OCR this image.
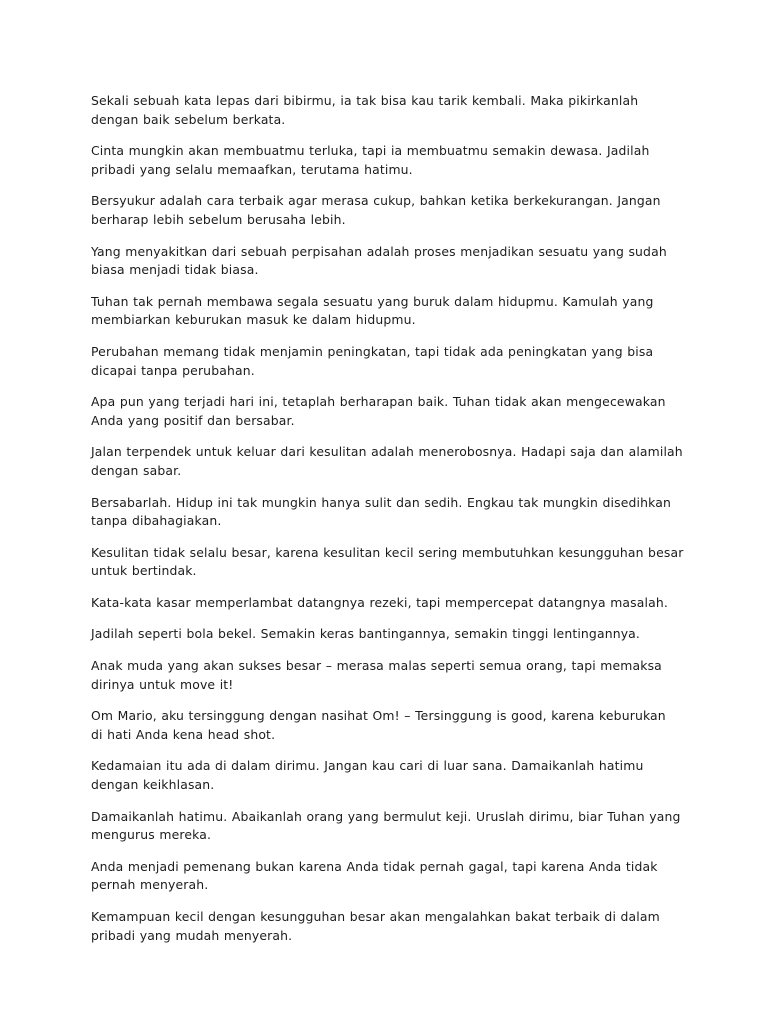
Sekali sebuah kata lepas dari bibirmu, ia tak bisa kau tarik kembali. Maka pikirkanlah
dengan baik sebelum berkata.

Cinta mungkin akan membuatmu terluka, tapi ia membuatmu semakin dewasa. Jadilah
pribadi yang selalu memaafkan, terutama hatimu.

Bersyukur adalah cara terbaik agar merasa cukup, bahkan ketika berkekurangan. Jangan
berharap lebih sebelum berusaha lebih.

Yang menyakitkan dari sebuah perpisahan adalah proses menjadikan sesuatu yang sudah
biasa menjadi tidak biasa.

Tuhan tak pernah membawa segala sesuatu yang buruk dalam hidupmu. Kamulah yang
membiarkan keburukan masuk ke dalam hidupmu.

Perubahan memang tidak menjamin peningkatan, tapi tidak ada peningkatan yang bisa
dicapai tanpa perubahan.

Apa pun yang terjadi hari ini, tetaplah berharapan baik. Tuhan tidak akan mengecewakan
Anda yang positif dan bersabar.

Jalan terpendek untuk keluar dari kesulitan adalah menerobosnya. Hadapi saja dan alamilah
dengan sabar.

Bersabarlah. Hidup ini tak mungkin hanya sulit dan sedih. Engkau tak mungkin disedihkan
tanpa dibahagiakan.

Kesulitan tidak selalu besar, karena kesulitan kecil sering membutuhkan kesungguhan besar
untuk bertindak.

Kata-kata kasar memperlambat datangnya rezeki, tapi mempercepat datangnya masalah.

Jadilah seperti bola bekel. Semakin keras bantingannya, semakin tinggi lentingannya.

Anak muda yang akan sukses besar – merasa malas seperti semua orang, tapi memaksa
dirinya untuk move it!

Om Mario, aku tersinggung dengan nasihat Om! – Tersinggung is good, karena keburukan
di hati Anda kena head shot.

Kedamaian itu ada di dalam dirimu. Jangan kau cari di luar sana. Damaikanlah hatimu
dengan keikhlasan.

Damaikanlah hatimu. Abaikanlah orang yang bermulut keji. Uruslah dirimu, biar Tuhan yang
mengurus mereka.

Anda menjadi pemenang bukan karena Anda tidak pernah gagal, tapi karena Anda tidak
pernah menyerah.

Kemampuan kecil dengan kesungguhan besar akan mengalahkan bakat terbaik di dalam
pribadi yang mudah menyerah.
